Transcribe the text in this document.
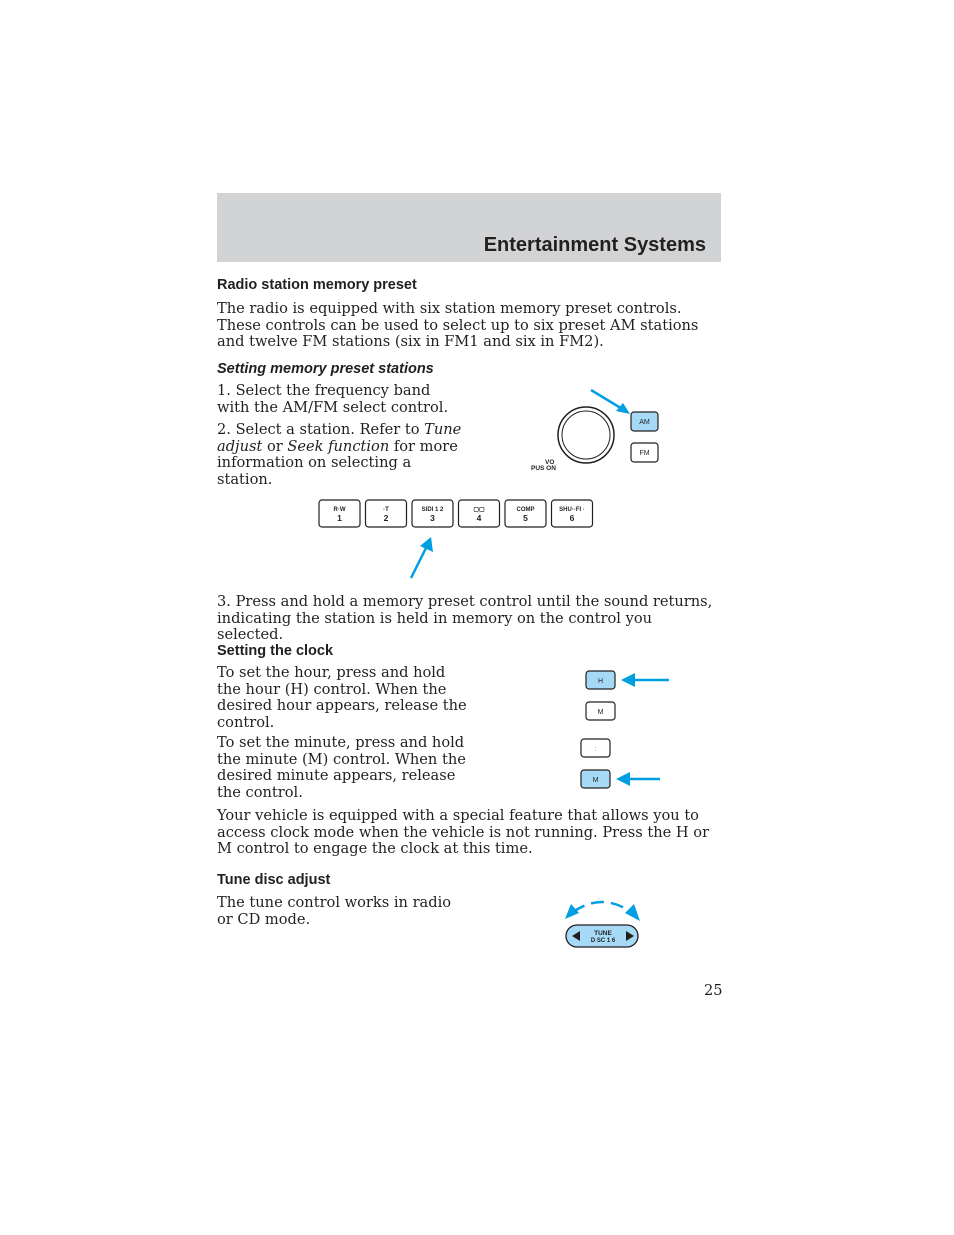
Entertainment Systems
Radio station memory preset
The radio is equipped with six station memory preset controls. These controls can be used to select up to six preset AM stations and twelve FM stations (six in FM1 and six in FM2).
Setting memory preset stations
1. Select the frequency band with the AM/FM select control.
2. Select a station. Refer to Tune adjust or Seek function for more information on selecting a station.
VO
PUS ON
AM
FM
R·W
1
·T
2
SIDI 1 2
3
▢▢
4
COMP
5
SHU··FI ·
6
3. Press and hold a memory preset control until the sound returns, indicating the station is held in memory on the control you selected.
Setting the clock
To set the hour, press and hold the hour (H) control. When the desired hour appears, release the control.
H
M
To set the minute, press and hold the minute (M) control. When the desired minute appears, release the control.
:
M
Your vehicle is equipped with a special feature that allows you to access clock mode when the vehicle is not running. Press the H or M control to engage the clock at this time.
Tune disc adjust
The tune control works in radio or CD mode.
TUNE
D SC 1 6
25
